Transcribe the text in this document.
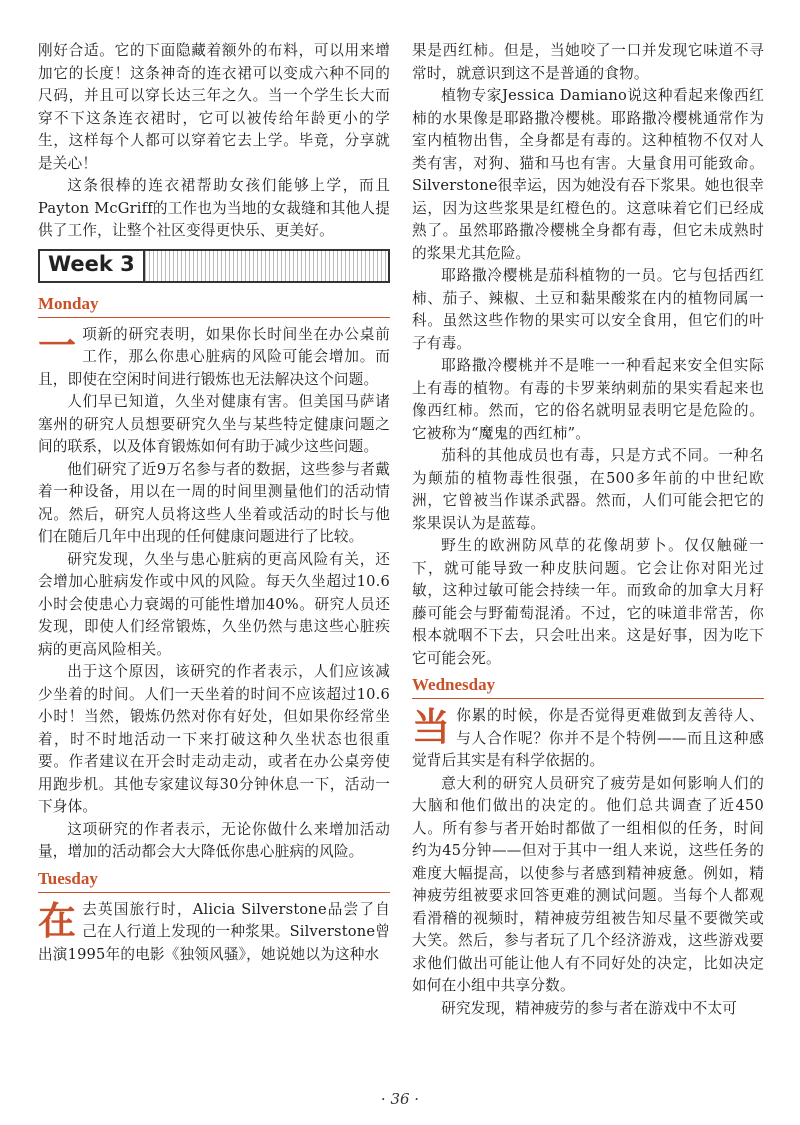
刚好合适。它的下面隐藏着额外的布料，可以用来增加它的长度！这条神奇的连衣裙可以变成六种不同的尺码，并且可以穿长达三年之久。当一个学生长大而穿不下这条连衣裙时，它可以被传给年龄更小的学生，这样每个人都可以穿着它去上学。毕竟，分享就是关心！

这条很棒的连衣裙帮助女孩们能够上学，而且Payton McGriff的工作也为当地的女裁缝和其他人提供了工作，让整个社区变得更快乐、更美好。

Week 3
Monday

一项新的研究表明，如果你长时间坐在办公桌前工作，那么你患心脏病的风险可能会增加。而且，即使在空闲时间进行锻炼也无法解决这个问题。

人们早已知道，久坐对健康有害。但美国马萨诸塞州的研究人员想要研究久坐与某些特定健康问题之间的联系，以及体育锻炼如何有助于减少这些问题。

他们研究了近9万名参与者的数据，这些参与者戴着一种设备，用以在一周的时间里测量他们的活动情况。然后，研究人员将这些人坐着或活动的时长与他们在随后几年中出现的任何健康问题进行了比较。

研究发现，久坐与患心脏病的更高风险有关，还会增加心脏病发作或中风的风险。每天久坐超过10.6小时会使患心力衰竭的可能性增加40%。研究人员还发现，即使人们经常锻炼，久坐仍然与患这些心脏疾病的更高风险相关。

出于这个原因，该研究的作者表示，人们应该减少坐着的时间。人们一天坐着的时间不应该超过10.6小时！当然，锻炼仍然对你有好处，但如果你经常坐着，时不时地活动一下来打破这种久坐状态也很重要。作者建议在开会时走动走动，或者在办公桌旁使用跑步机。其他专家建议每30分钟休息一下，活动一下身体。

这项研究的作者表示，无论你做什么来增加活动量，增加的活动都会大大降低你患心脏病的风险。

Tuesday

在去英国旅行时，Alicia Silverstone品尝了自己在人行道上发现的一种浆果。Silverstone曾出演1995年的电影《独领风骚》，她说她以为这种水

果是西红柿。但是，当她咬了一口并发现它味道不寻常时，就意识到这不是普通的食物。

植物专家Jessica Damiano说这种看起来像西红柿的水果像是耶路撒冷樱桃。耶路撒冷樱桃通常作为室内植物出售，全身都是有毒的。这种植物不仅对人类有害，对狗、猫和马也有害。大量食用可能致命。Silverstone很幸运，因为她没有吞下浆果。她也很幸运，因为这些浆果是红橙色的。这意味着它们已经成熟了。虽然耶路撒冷樱桃全身都有毒，但它未成熟时的浆果尤其危险。

耶路撒冷樱桃是茄科植物的一员。它与包括西红柿、茄子、辣椒、土豆和黏果酸浆在内的植物同属一科。虽然这些作物的果实可以安全食用，但它们的叶子有毒。

耶路撒冷樱桃并不是唯一一种看起来安全但实际上有毒的植物。有毒的卡罗莱纳刺茄的果实看起来也像西红柿。然而，它的俗名就明显表明它是危险的。它被称为“魔鬼的西红柿”。

茄科的其他成员也有毒，只是方式不同。一种名为颠茄的植物毒性很强，在500多年前的中世纪欧洲，它曾被当作谋杀武器。然而，人们可能会把它的浆果误认为是蓝莓。

野生的欧洲防风草的花像胡萝卜。仅仅触碰一下，就可能导致一种皮肤问题。它会让你对阳光过敏，这种过敏可能会持续一年。而致命的加拿大月籽藤可能会与野葡萄混淆。不过，它的味道非常苦，你根本就咽不下去，只会吐出来。这是好事，因为吃下它可能会死。

Wednesday

当你累的时候，你是否觉得更难做到友善待人、与人合作呢？你并不是个特例——而且这种感觉背后其实是有科学依据的。

意大利的研究人员研究了疲劳是如何影响人们的大脑和他们做出的决定的。他们总共调查了近450人。所有参与者开始时都做了一组相似的任务，时间约为45分钟——但对于其中一组人来说，这些任务的难度大幅提高，以使参与者感到精神疲惫。例如，精神疲劳组被要求回答更难的测试问题。当每个人都观看滑稽的视频时，精神疲劳组被告知尽量不要微笑或大笑。然后，参与者玩了几个经济游戏，这些游戏要求他们做出可能让他人有不同好处的决定，比如决定如何在小组中共享分数。

研究发现，精神疲劳的参与者在游戏中不太可

· 36 ·
